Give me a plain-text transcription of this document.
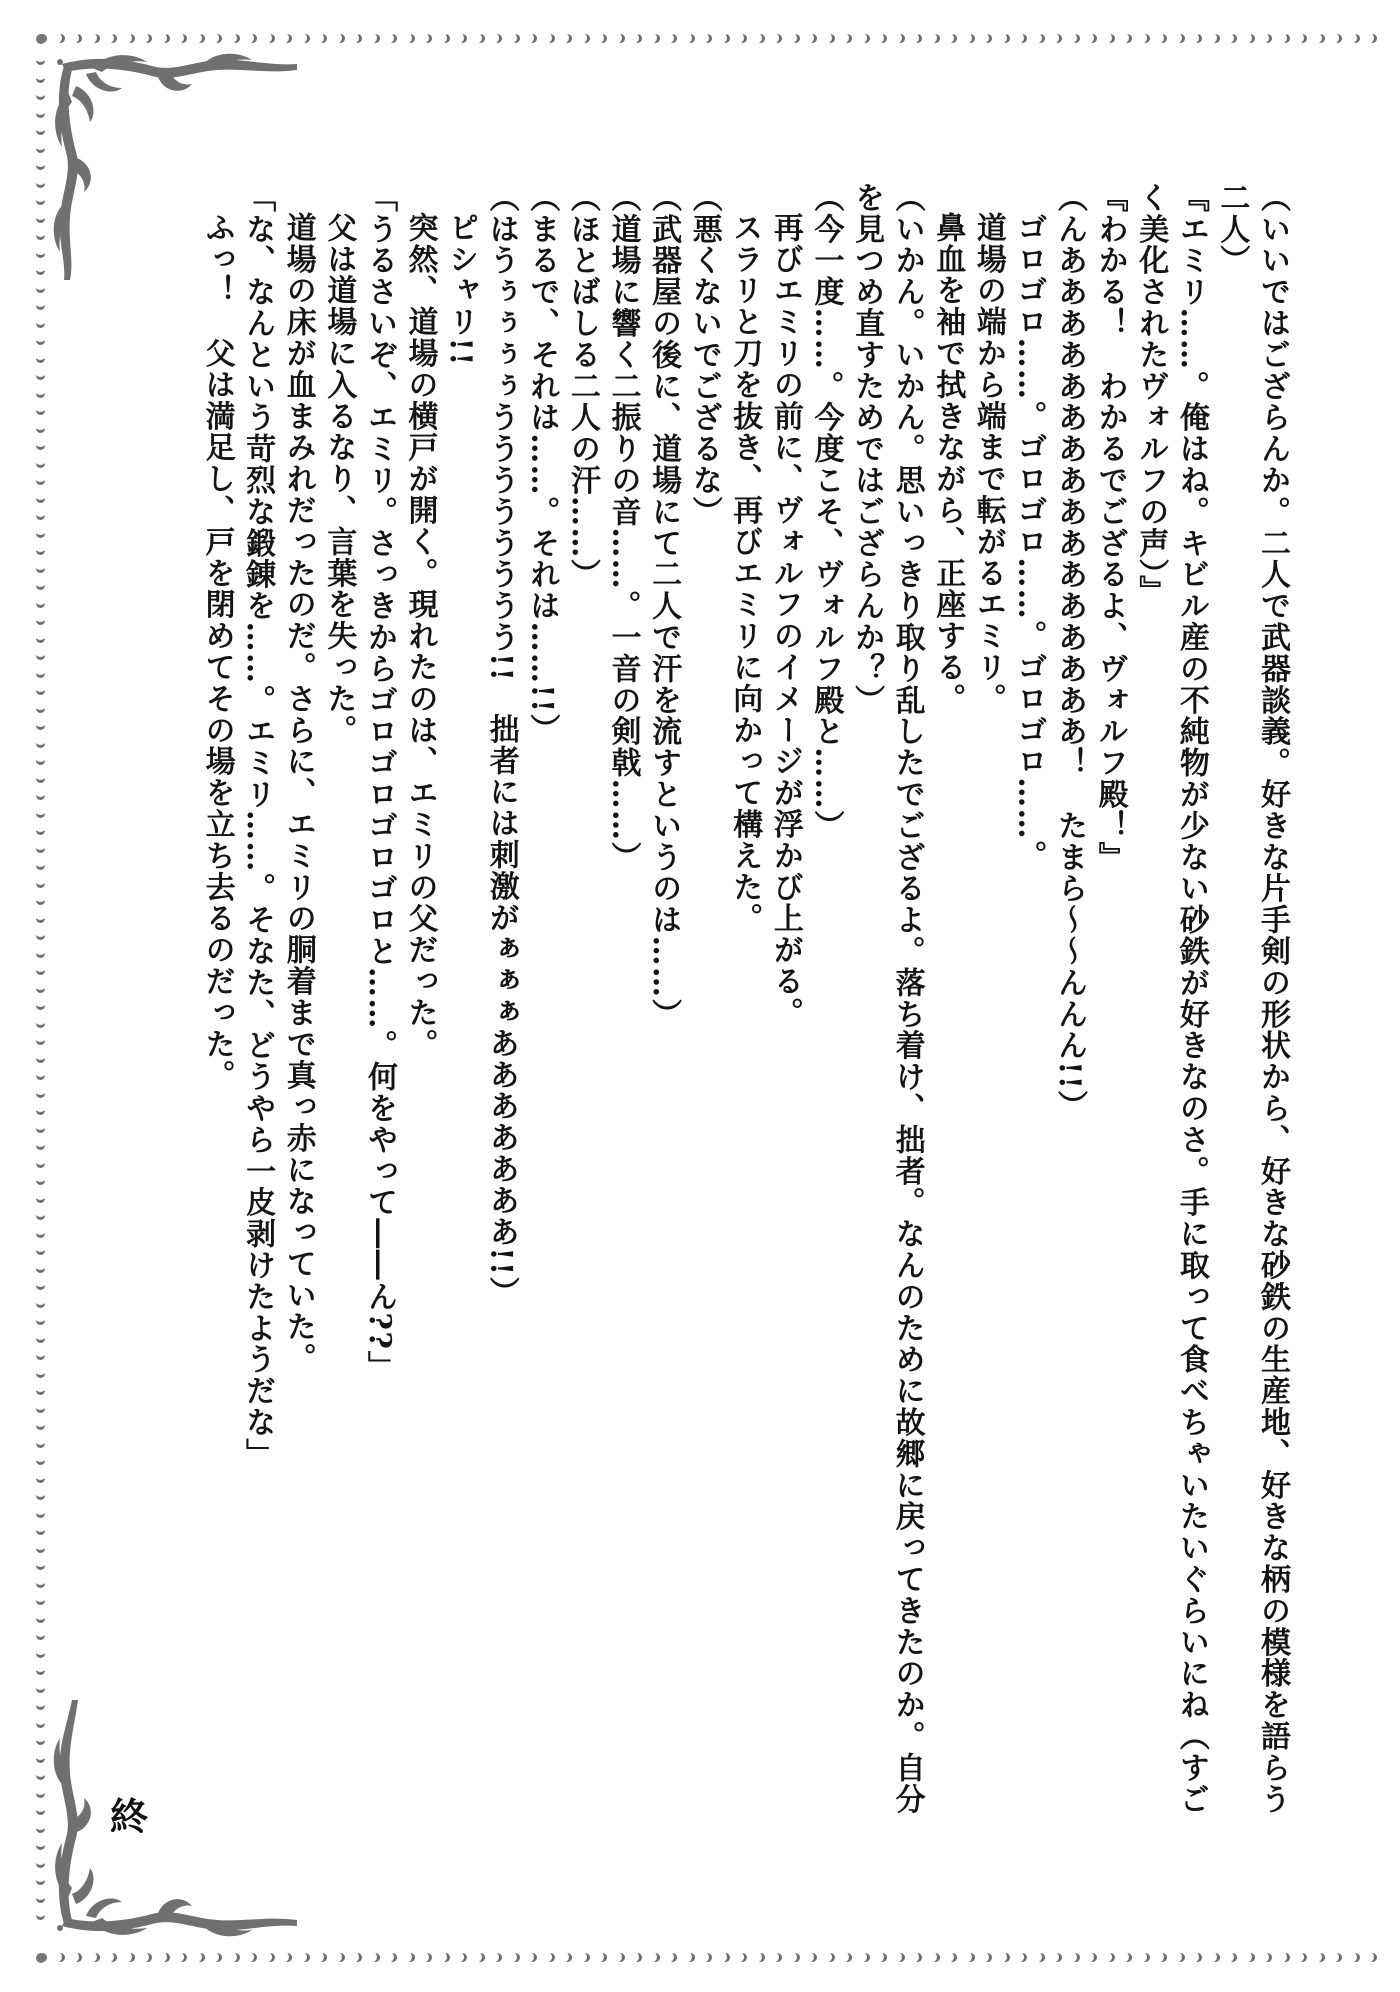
（いいではござらんか。二人で武器談義。好きな片手剣の形状から、好きな砂鉄の生産地、好きな柄の模様を語らう二人）

『エミリ……。俺はね。キビル産の不純物が少ない砂鉄が好きなのさ。手に取って食べちゃいたいぐらいにね（すごく美化されたヴォルフの声）』

『わかる！　わかるでござるよ、ヴォルフ殿！』

（んああああああああああああああああ！　たまら～～んんん!!）

ゴロゴロ……。ゴロゴロ……。ゴロゴロ……。

道場の端から端まで転がるエミリ。

鼻血を袖で拭きながら、正座する。

（いかん。いかん。思いっきり取り乱したでござるよ。落ち着け、拙者。なんのために故郷に戻ってきたのか。自分を見つめ直すためではござらんか？）

（今一度……。今度こそ、ヴォルフ殿と……）

再びエミリの前に、ヴォルフのイメージが浮かび上がる。

スラリと刀を抜き、再びエミリに向かって構えた。

（悪くないでござるな）

（武器屋の後に、道場にて二人で汗を流すというのは……）

（道場に響く二振りの音……。一音の剣戟……）

（ほとばしる二人の汗……）

（まるで、それは……。それは……!!）

（はうぅぅぅぅうううううううう!!　拙者には刺激がぁぁぁあああああああ!!）

ピシャリ!!

突然、道場の横戸が開く。現れたのは、エミリの父だった。

「うるさいぞ、エミリ。さっきからゴロゴロゴロゴロと……。何をやって――ん??」

父は道場に入るなり、言葉を失った。

道場の床が血まみれだったのだ。さらに、エミリの胴着まで真っ赤になっていた。

「な、なんという苛烈な鍛錬を……。エミリ……。そなた、どうやら一皮剥けたようだな」

ふっ！　父は満足し、戸を閉めてその場を立ち去るのだった。

終
